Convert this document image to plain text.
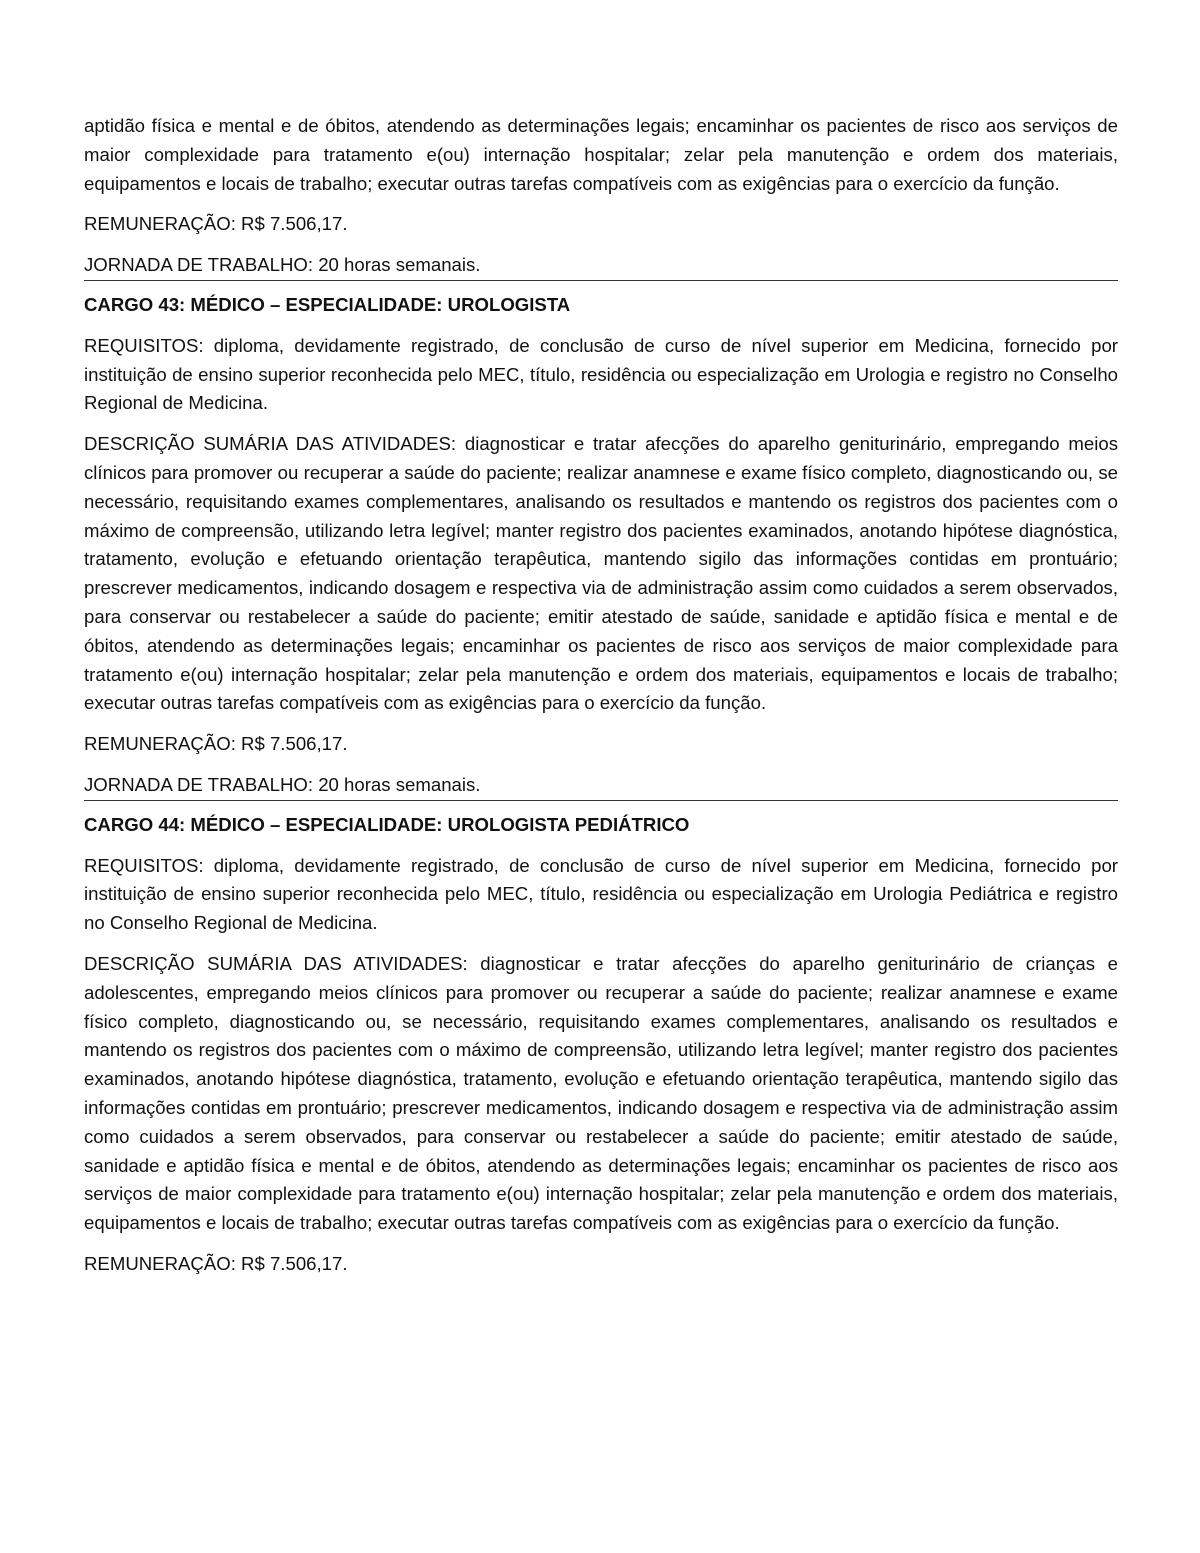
aptidão física e mental e de óbitos, atendendo as determinações legais; encaminhar os pacientes de risco aos serviços de maior complexidade para tratamento e(ou) internação hospitalar; zelar pela manutenção e ordem dos materiais, equipamentos e locais de trabalho; executar outras tarefas compatíveis com as exigências para o exercício da função.

REMUNERAÇÃO: R$ 7.506,17.

JORNADA DE TRABALHO: 20 horas semanais.

CARGO 43: MÉDICO – ESPECIALIDADE: UROLOGISTA

REQUISITOS: diploma, devidamente registrado, de conclusão de curso de nível superior em Medicina, fornecido por instituição de ensino superior reconhecida pelo MEC, título, residência ou especialização em Urologia e registro no Conselho Regional de Medicina.

DESCRIÇÃO SUMÁRIA DAS ATIVIDADES: diagnosticar e tratar afecções do aparelho geniturinário, empregando meios clínicos para promover ou recuperar a saúde do paciente; realizar anamnese e exame físico completo, diagnosticando ou, se necessário, requisitando exames complementares, analisando os resultados e mantendo os registros dos pacientes com o máximo de compreensão, utilizando letra legível; manter registro dos pacientes examinados, anotando hipótese diagnóstica, tratamento, evolução e efetuando orientação terapêutica, mantendo sigilo das informações contidas em prontuário; prescrever medicamentos, indicando dosagem e respectiva via de administração assim como cuidados a serem observados, para conservar ou restabelecer a saúde do paciente; emitir atestado de saúde, sanidade e aptidão física e mental e de óbitos, atendendo as determinações legais; encaminhar os pacientes de risco aos serviços de maior complexidade para tratamento e(ou) internação hospitalar; zelar pela manutenção e ordem dos materiais, equipamentos e locais de trabalho; executar outras tarefas compatíveis com as exigências para o exercício da função.

REMUNERAÇÃO: R$ 7.506,17.

JORNADA DE TRABALHO: 20 horas semanais.

CARGO 44: MÉDICO – ESPECIALIDADE: UROLOGISTA PEDIÁTRICO

REQUISITOS: diploma, devidamente registrado, de conclusão de curso de nível superior em Medicina, fornecido por instituição de ensino superior reconhecida pelo MEC, título, residência ou especialização em Urologia Pediátrica e registro no Conselho Regional de Medicina.

DESCRIÇÃO SUMÁRIA DAS ATIVIDADES: diagnosticar e tratar afecções do aparelho geniturinário de crianças e adolescentes, empregando meios clínicos para promover ou recuperar a saúde do paciente; realizar anamnese e exame físico completo, diagnosticando ou, se necessário, requisitando exames complementares, analisando os resultados e mantendo os registros dos pacientes com o máximo de compreensão, utilizando letra legível; manter registro dos pacientes examinados, anotando hipótese diagnóstica, tratamento, evolução e efetuando orientação terapêutica, mantendo sigilo das informações contidas em prontuário; prescrever medicamentos, indicando dosagem e respectiva via de administração assim como cuidados a serem observados, para conservar ou restabelecer a saúde do paciente; emitir atestado de saúde, sanidade e aptidão física e mental e de óbitos, atendendo as determinações legais; encaminhar os pacientes de risco aos serviços de maior complexidade para tratamento e(ou) internação hospitalar; zelar pela manutenção e ordem dos materiais, equipamentos e locais de trabalho; executar outras tarefas compatíveis com as exigências para o exercício da função.

REMUNERAÇÃO: R$ 7.506,17.
